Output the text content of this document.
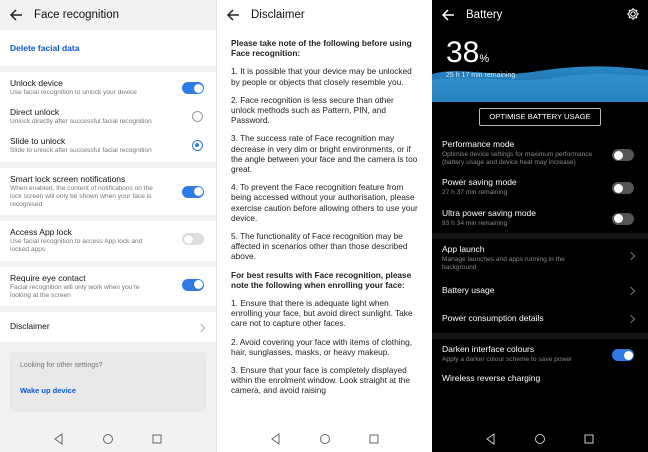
Face recognition
Delete facial data
Unlock device
Use facial recognition to unlock your device
Direct unlock
Unlock directly after successful facial recognition
Slide to unlock
Slide to unlock after successful facial recognition
Smart lock screen notifications
When enabled, the content of notifications on the lock screen will only be shown when your face is recognised
Access App lock
Use facial recognition to access App lock and locked apps
Require eye contact
Facial recognition will only work when you're looking at the screen
Disclaimer
Looking for other settings?
Wake up device
Disclaimer

Please take note of the following before using Face recognition:

1. It is possible that your device may be unlocked by people or objects that closely resemble you.

2. Face recognition is less secure than other unlock methods such as Pattern, PIN, and Password.

3. The success rate of Face recognition may decrease in very dim or bright environments, or if the angle between your face and the camera is too great.

4. To prevent the Face recognition feature from being accessed without your authorisation, please exercise caution before allowing others to use your device.

5. The functionality of Face recognition may be affected in scenarios other than those described above.

For best results with Face recognition, please note the following when enrolling your face:

1. Ensure that there is adequate light when enrolling your face, but avoid direct sunlight. Take care not to capture other faces.

2. Avoid covering your face with items of clothing, hair, sunglasses, masks, or heavy makeup.

3. Ensure that your face is completely displayed within the enrolment window. Look straight at the camera, and avoid raising

Battery
38%
25 h 17 min remaining
OPTIMISE BATTERY USAGE
Performance mode
Optimise device settings for maximum performance (battery usage and device heat may increase)
Power saving mode
27 h 37 min remaining
Ultra power saving mode
93 h 34 min remaining
App launch
Manage launches and apps running in the background
Battery usage
Power consumption details
Darken interface colours
Apply a darker colour scheme to save power
Wireless reverse charging
